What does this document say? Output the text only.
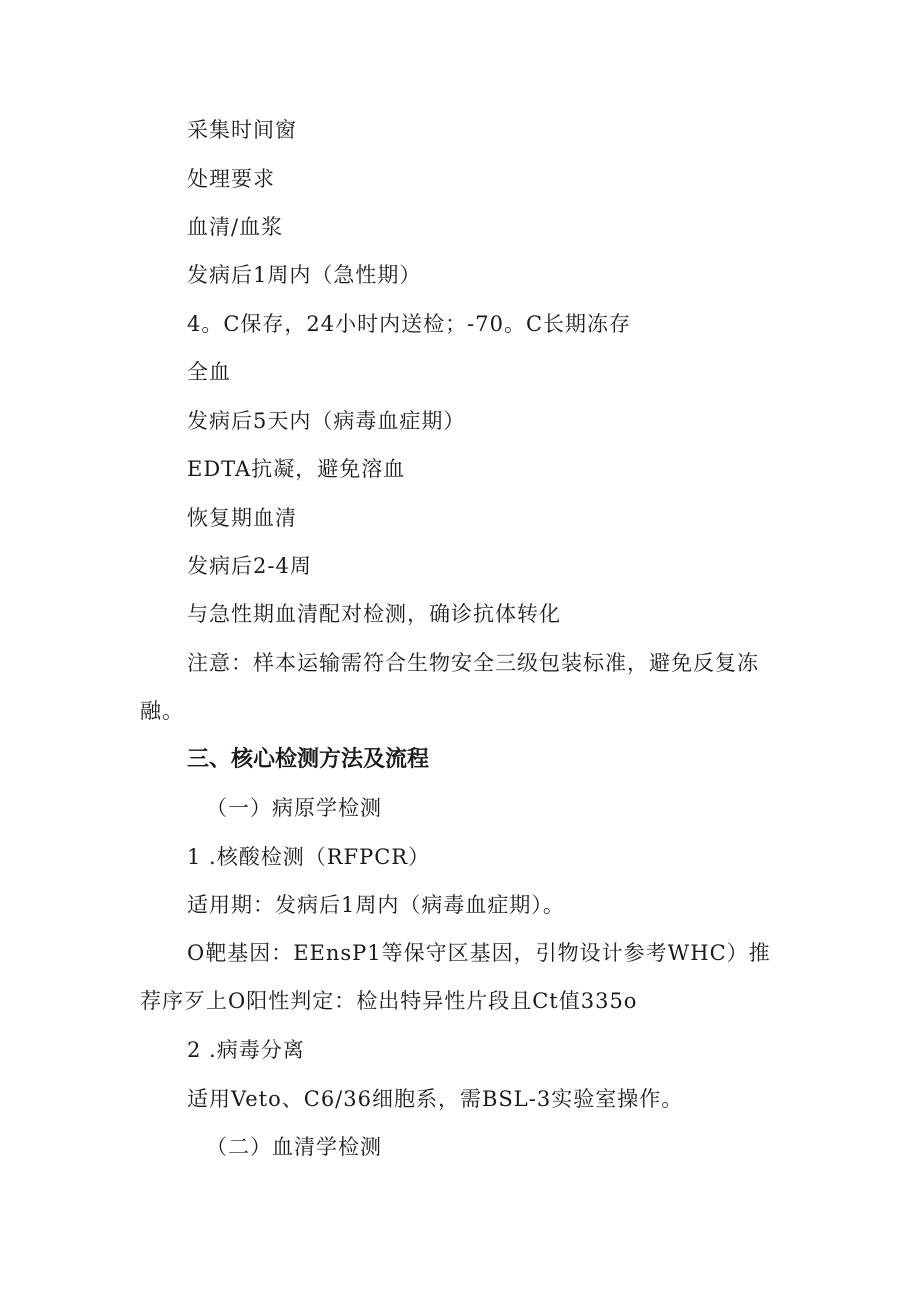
采集时间窗
处理要求
血清/血浆
发病后1周内（急性期）
4。C保存，24小时内送检；-70。C长期冻存
全血
发病后5天内（病毒血症期）
EDTA抗凝，避免溶血
恢复期血清
发病后2-4周
与急性期血清配对检测，确诊抗体转化
注意：样本运输需符合生物安全三级包装标准，避免反复冻融。
三、核心检测方法及流程
（一）病原学检测
1 .核酸检测（RFPCR）
适用期：发病后1周内（病毒血症期）。
O靶基因：EEnsP1等保守区基因，引物设计参考WHC）推荐序歹上O阳性判定：检出特异性片段且Ct值335o
2 .病毒分离
适用Veto、C6/36细胞系，需BSL-3实验室操作。
（二）血清学检测
